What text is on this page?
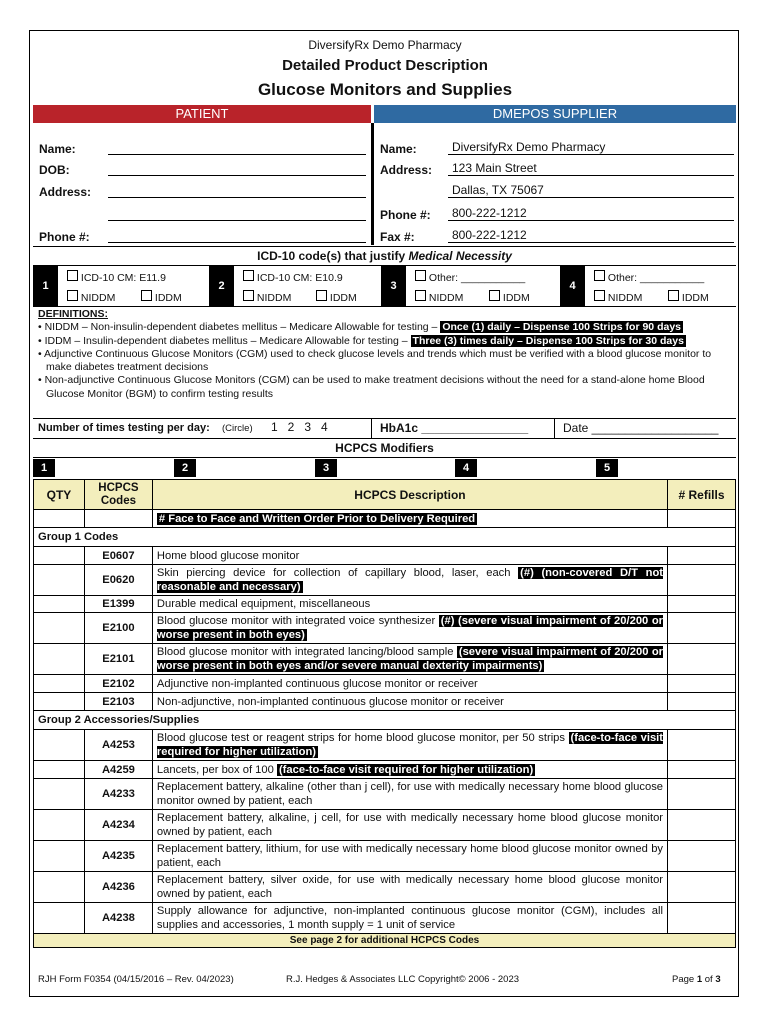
DiversifyRx Demo Pharmacy
Detailed Product Description
Glucose Monitors and Supplies
PATIENT	DMEPOS SUPPLIER
Name:
DOB:
Address:
Phone #:
Name:	DiversifyRx Demo Pharmacy
Address:	123 Main Street
Dallas, TX 75067
Phone #:	800-222-1212
Fax #:	800-222-1212
ICD-10 code(s) that justify Medical Necessity
1
ICD-10 CM: E11.9
NIDDM	IDDM
2
ICD-10 CM: E10.9
NIDDM	IDDM
3
Other: ___________
NIDDM	IDDM
4
Other: ___________
NIDDM	IDDM
DEFINITIONS:
• NIDDM – Non-insulin-dependent diabetes mellitus – Medicare Allowable for testing – Once (1) daily – Dispense 100 Strips for 90 days
• IDDM – Insulin-dependent diabetes mellitus – Medicare Allowable for testing – Three (3) times daily – Dispense 100 Strips for 30 days
• Adjunctive Continuous Glucose Monitors (CGM) used to check glucose levels and trends which must be verified with a blood glucose monitor to make diabetes treatment decisions
• Non-adjunctive Continuous Glucose Monitors (CGM) can be used to make treatment decisions without the need for a stand-alone home Blood Glucose Monitor (BGM) to confirm testing results
Number of times testing per day: (Circle) 1   2   3   4	HbA1c ________________	Date ___________________
HCPCS Modifiers
1	2	3	4	5
QTY	HCPCS Codes	HCPCS Description	# Refills
		# Face to Face and Written Order Prior to Delivery Required	
Group 1 Codes			
	E0607	Home blood glucose monitor	
	E0620	Skin piercing device for collection of capillary blood, laser, each (#) (non-covered D/T not reasonable and necessary)	
	E1399	Durable medical equipment, miscellaneous	
	E2100	Blood glucose monitor with integrated voice synthesizer (#) (severe visual impairment of 20/200 or worse present in both eyes)	
	E2101	Blood glucose monitor with integrated lancing/blood sample (severe visual impairment of 20/200 or worse present in both eyes and/or severe manual dexterity impairments)	
	E2102	Adjunctive non-implanted continuous glucose monitor or receiver	
	E2103	Non-adjunctive, non-implanted continuous glucose monitor or receiver	
Group 2 Accessories/Supplies			
	A4253	Blood glucose test or reagent strips for home blood glucose monitor, per 50 strips (face-to-face visit required for higher utilization)	
	A4259	Lancets, per box of 100 (face-to-face visit required for higher utilization)	
	A4233	Replacement battery, alkaline (other than j cell), for use with medically necessary home blood glucose monitor owned by patient, each	
	A4234	Replacement battery, alkaline, j cell, for use with medically necessary home blood glucose monitor owned by patient, each	
	A4235	Replacement battery, lithium, for use with medically necessary home blood glucose monitor owned by patient, each	
	A4236	Replacement battery, silver oxide, for use with medically necessary home blood glucose monitor owned by patient, each	
	A4238	Supply allowance for adjunctive, non-implanted continuous glucose monitor (CGM), includes all supplies and accessories, 1 month supply = 1 unit of service	
See page 2 for additional HCPCS Codes			
RJH Form F0354 (04/15/2016 – Rev. 04/2023)	R.J. Hedges & Associates LLC Copyright© 2006 - 2023	Page 1 of 3
